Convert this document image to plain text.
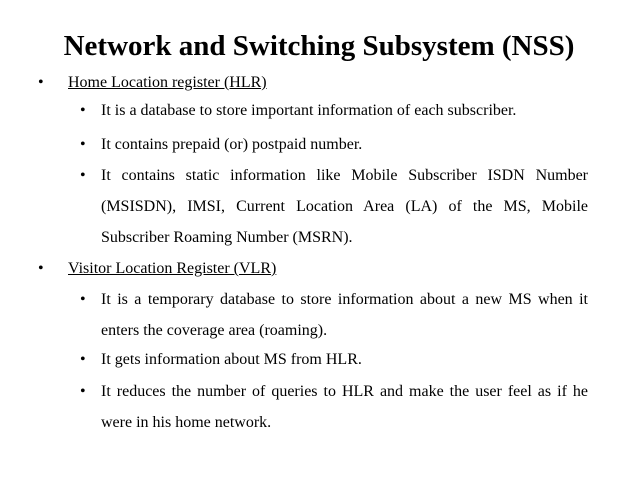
Network and Switching Subsystem (NSS)
• Home Location register (HLR)
• It is a database to store important information of each subscriber.
• It contains prepaid (or) postpaid number.
• It contains static information like Mobile Subscriber ISDN Number (MSISDN), IMSI, Current Location Area (LA) of the MS, Mobile Subscriber Roaming Number (MSRN).
• Visitor Location Register (VLR)
• It is a temporary database to store information about a new MS when it enters the coverage area (roaming).
• It gets information about MS from HLR.
• It reduces the number of queries to HLR and make the user feel as if he were in his home network.
